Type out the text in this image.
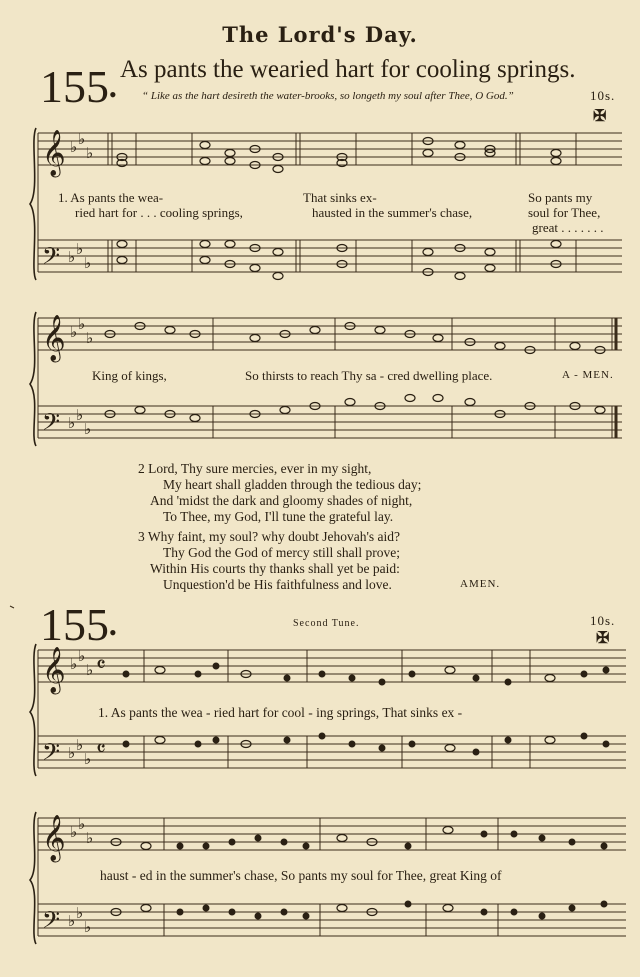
The Lord's Day.
155•
As pants the wearied hart for cooling springs.
“ Like as the hart desireth the water-brooks, so longeth my soul after Thee, O God.”	10s.
✠
𝄞
𝄢
♭ ♭
♭
♭ ♭
♭
𝄞
𝄢
♭ ♭
♭
♭ ♭
♭
𝄞
𝄢
♭ ♭
♭
♭ ♭
♭
𝄴
𝄴
𝄞
𝄢
♭ ♭
♭
♭ ♭
♭
1. As pants the wea-
ried hart for . . . cooling springs,
That sinks ex-
hausted in the summer's chase,
So pants my
soul for Thee,
great . . . . . . .
King of kings,	So thirsts to reach Thy sa - cred dwelling place.	A - MEN.
2 Lord, Thy sure mercies, ever in my sight,
My heart shall gladden through the tedious day;
And 'midst the dark and gloomy shades of night,
To Thee, my God, I'll tune the grateful lay.
3 Why faint, my soul? why doubt Jehovah's aid?
Thy God the God of mercy still shall prove;
Within His courts thy thanks shall yet be paid:
Unquestion'd be His faithfulness and love.	AMEN.
155•	Second Tune.	10s.
✠
1. As pants the wea - ried hart for cool - ing springs, That sinks ex -
haust - ed in the summer's chase, So pants my soul for Thee, great King of
